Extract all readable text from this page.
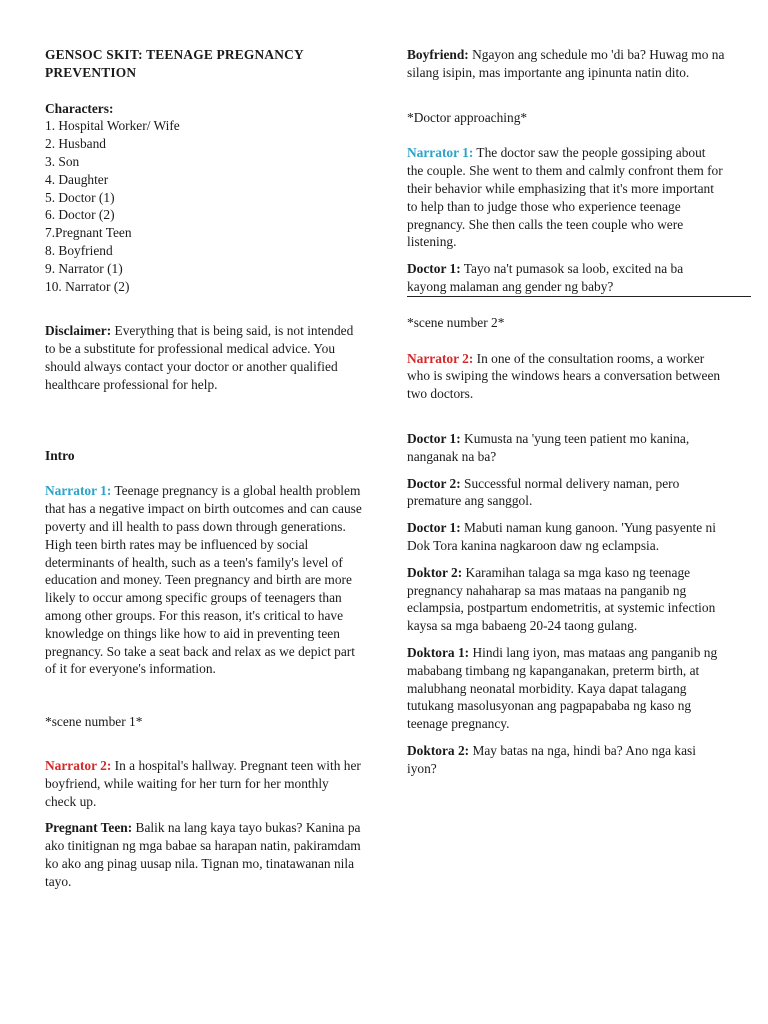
GENSOC SKIT: TEENAGE PREGNANCY PREVENTION

Characters:

1. Hospital Worker/ Wife
2. Husband
3. Son
4. Daughter
5. Doctor (1)
6. Doctor (2)
7.Pregnant Teen
8. Boyfriend
9. Narrator (1)
10. Narrator (2)

Disclaimer: Everything that is being said, is not intended to be a substitute for professional medical advice. You should always contact your doctor or another qualified healthcare professional for help.

Intro

Narrator 1: Teenage pregnancy is a global health problem that has a negative impact on birth outcomes and can cause poverty and ill health to pass down through generations. High teen birth rates may be influenced by social determinants of health, such as a teen's family's level of education and money. Teen pregnancy and birth are more likely to occur among specific groups of teenagers than among other groups. For this reason, it's critical to have knowledge on things like how to aid in preventing teen pregnancy. So take a seat back and relax as we depict part of it for everyone's information.

*scene number 1*

Narrator 2: In a hospital's hallway. Pregnant teen with her boyfriend, while waiting for her turn for her monthly check up.

Pregnant Teen: Balik na lang kaya tayo bukas? Kanina pa ako tinitignan ng mga babae sa harapan natin, pakiramdam ko ako ang pinag uusap nila. Tignan mo, tinatawanan nila tayo.

Boyfriend: Ngayon ang schedule mo 'di ba? Huwag mo na silang isipin, mas importante ang ipinunta natin dito.

*Doctor approaching*

Narrator 1: The doctor saw the people gossiping about the couple. She went to them and calmly confront them for their behavior while emphasizing that it's more important to help than to judge those who experience teenage pregnancy. She then calls the teen couple who were listening.

Doctor 1: Tayo na't pumasok sa loob, excited na ba kayong malaman ang gender ng baby?

*scene number 2*

Narrator 2: In one of the consultation rooms, a worker who is swiping the windows hears a conversation between two doctors.

Doctor 1: Kumusta na 'yung teen patient mo kanina, nanganak na ba?

Doctor 2: Successful normal delivery naman, pero premature ang sanggol.

Doctor 1: Mabuti naman kung ganoon. 'Yung pasyente ni Dok Tora kanina nagkaroon daw ng eclampsia.

Doktor 2: Karamihan talaga sa mga kaso ng teenage pregnancy nahaharap sa mas mataas na panganib ng eclampsia, postpartum endometritis, at systemic infection kaysa sa mga babaeng 20-24 taong gulang.

Doktora 1: Hindi lang iyon, mas mataas ang panganib ng mababang timbang ng kapanganakan, preterm birth, at malubhang neonatal morbidity. Kaya dapat talagang tutukang masolusyonan ang pagpapababa ng kaso ng teenage pregnancy.

Doktora 2: May batas na nga, hindi ba? Ano nga kasi iyon?
